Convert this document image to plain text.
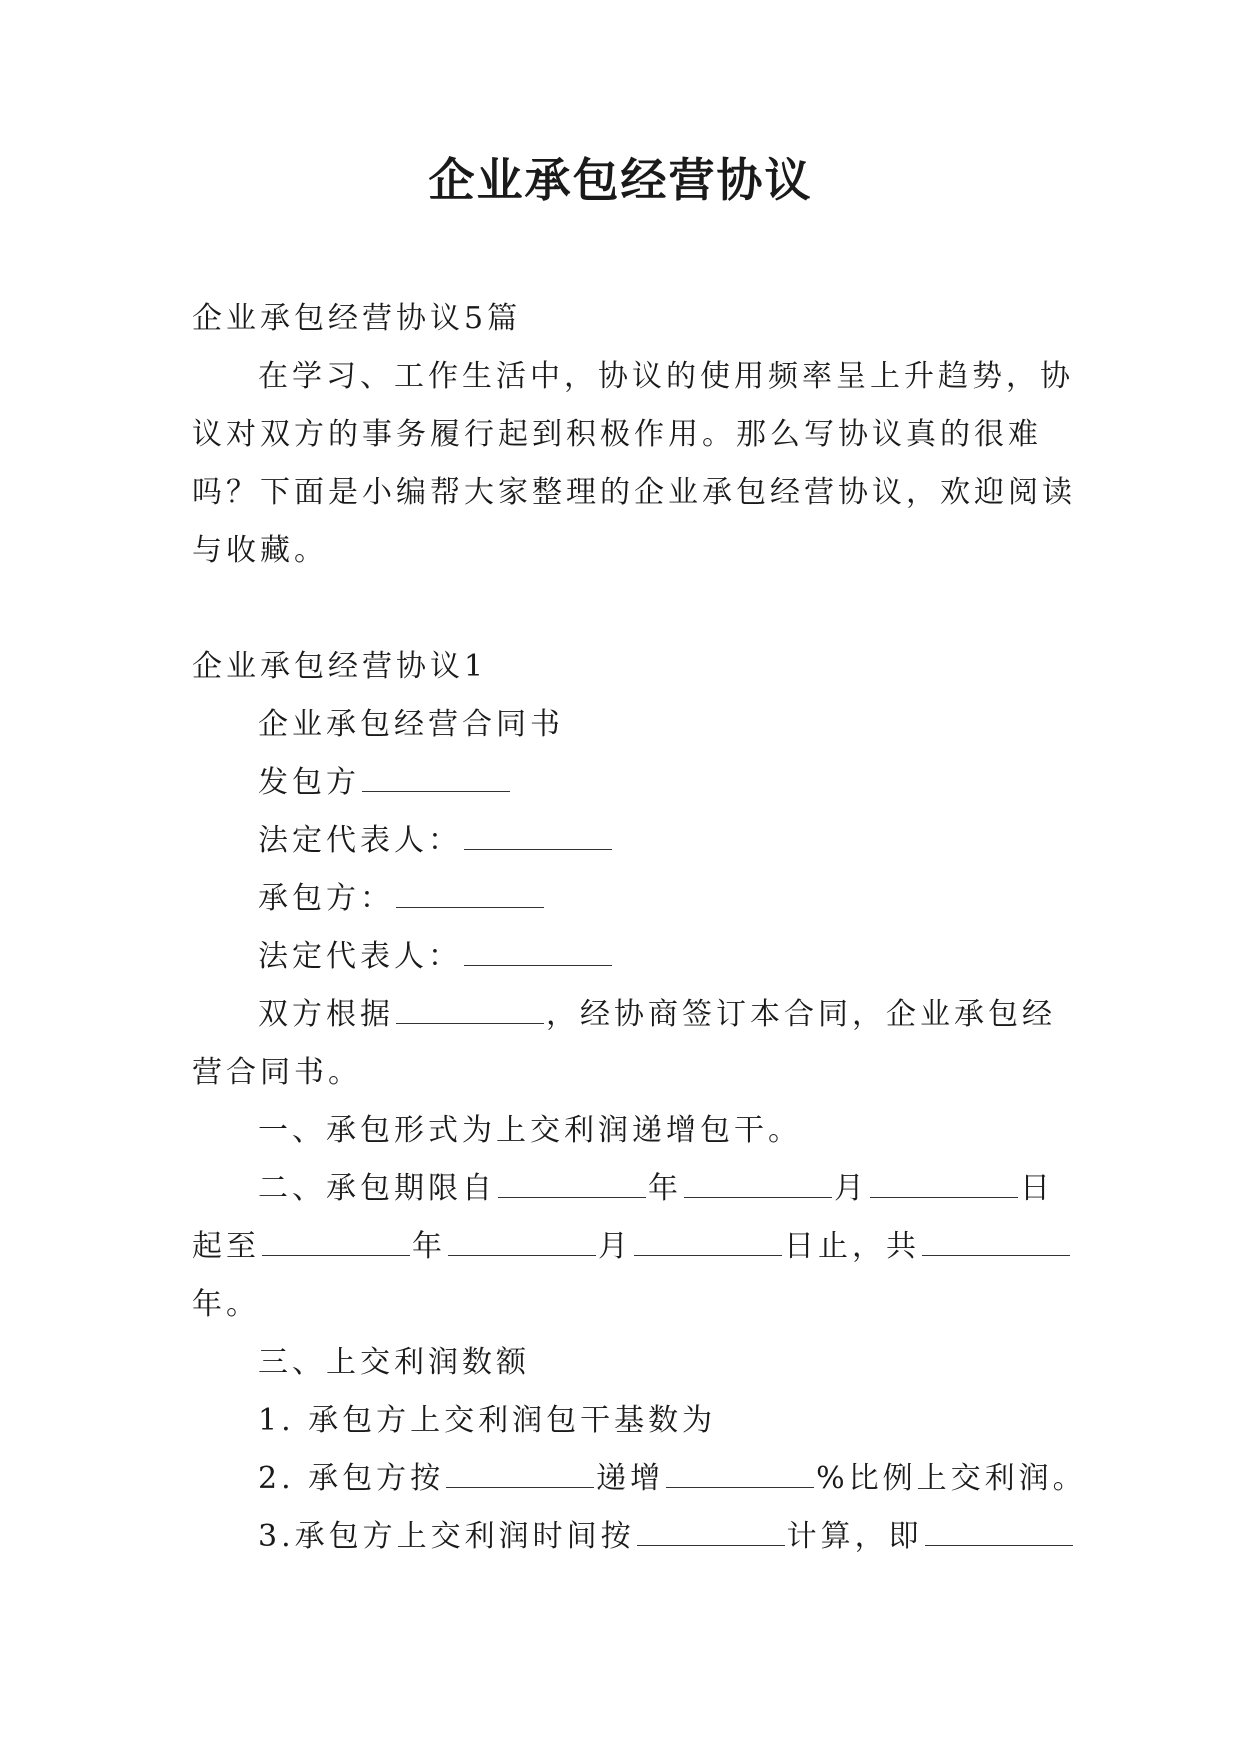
企业承包经营协议
企业承包经营协议5篇
在学习、工作生活中，协议的使用频率呈上升趋势，协
议对双方的事务履行起到积极作用。那么写协议真的很难
吗？下面是小编帮大家整理的企业承包经营协议，欢迎阅读
与收藏。
企业承包经营协议1
企业承包经营合同书
发包方
法定代表人：
承包方：
法定代表人：
双方根据	，经协商签订本合同，企业承包经
营合同书。
一、承包形式为上交利润递增包干。
二、承包期限自	年	月	日
起至	年	月	日止，共
年。
三、上交利润数额
1. 承包方上交利润包干基数为
2. 承包方按	递增	%比例上交利润。
3.承包方上交利润时间按	计算，即
